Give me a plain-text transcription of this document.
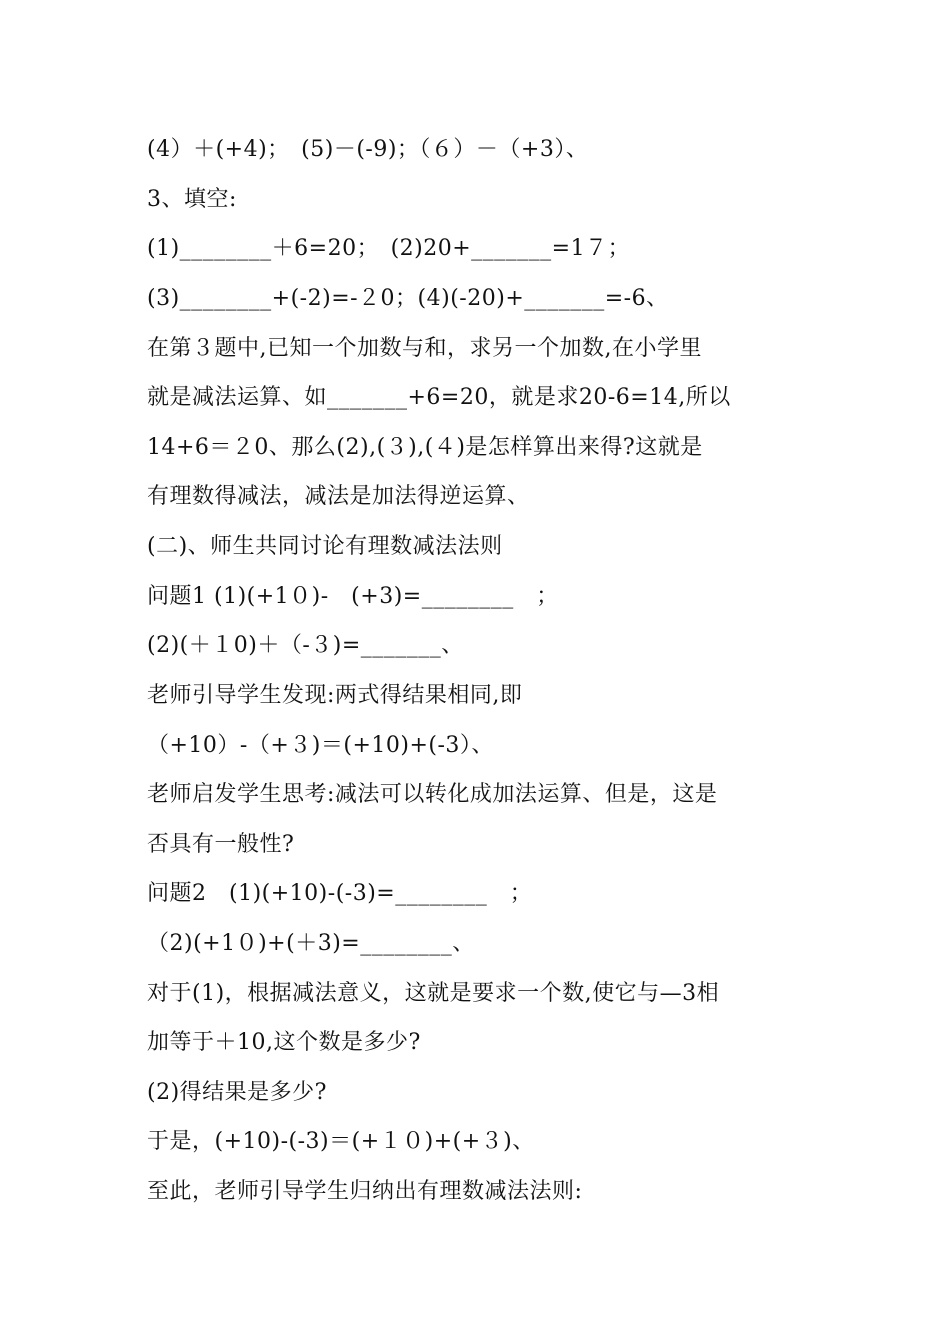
(4）＋(+4)；　(5)－(-9)；（６）－（+3）、
3、填空:
(1)________＋6=20；　(2)20+_______=1７；
(3)________+(-2)=-２0；(4)(-20)+_______=-6、
在第３题中,已知一个加数与和，求另一个加数,在小学里
就是减法运算、如_______+6=20，就是求20-6=14,所以
14+6＝２0、那么(2),(３),(４)是怎样算出来得?这就是
有理数得减法，减法是加法得逆运算、
(二)、师生共同讨论有理数减法法则
问题1 (1)(+1０)-　(+3)=________　；
(2)(＋１0)＋（-３)=_______、
老师引导学生发现:两式得结果相同,即
（+10）-（+３)＝(+10)+(-3）、
老师启发学生思考:减法可以转化成加法运算、但是，这是
否具有一般性?
问题2　(1)(+10)-(-3)=________　；
（2)(+1０)+(＋3)=________、
对于(1)，根据减法意义，这就是要求一个数,使它与—3相
加等于＋10,这个数是多少?
(2)得结果是多少?
于是，(+10)-(-3)＝(+１０)+(+３)、
至此，老师引导学生归纳出有理数减法法则:
